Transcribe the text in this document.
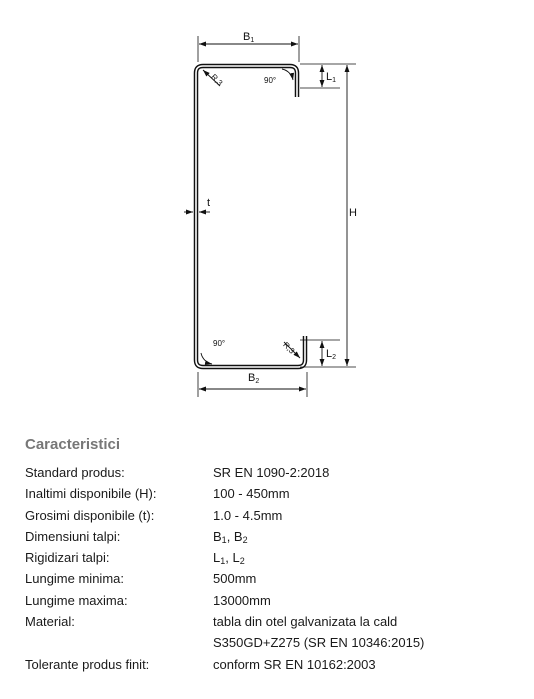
B1
B2
H
L1
L2
t
R,3
R,3
90°
90°
Caracteristici
Standard produs:	SR EN 1090-2:2018
Inaltimi disponibile (H):	100 - 450mm
Grosimi disponibile (t):	1.0 - 4.5mm
Dimensiuni talpi:	$B_1$, $B_2$
Rigidizari talpi:	$L_1$, $L_2$
Lungime minima:	500mm
Lungime maxima:	13000mm
Material:	tabla din otel galvanizata la cald
S350GD+Z275 (SR EN 10346:2015)
Tolerante produs finit:	conform SR EN 10162:2003
